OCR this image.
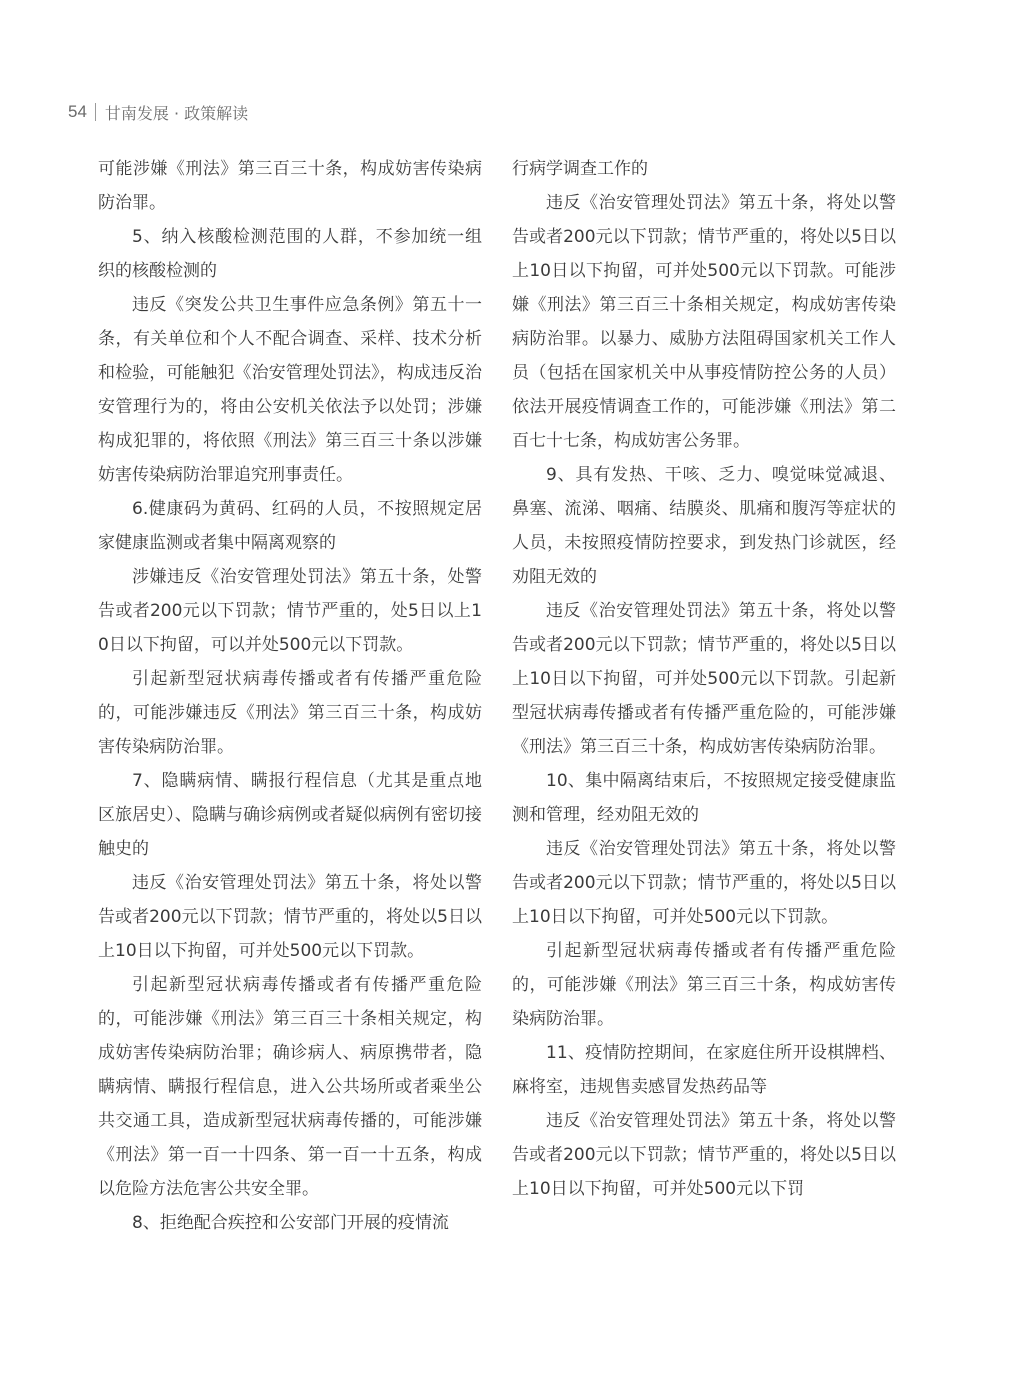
54 甘南发展 · 政策解读

可能涉嫌《刑法》第三百三十条，构成妨害传染病防治罪。

5、纳入核酸检测范围的人群，不参加统一组织的核酸检测的

违反《突发公共卫生事件应急条例》第五十一条，有关单位和个人不配合调查、采样、技术分析和检验，可能触犯《治安管理处罚法》，构成违反治安管理行为的，将由公安机关依法予以处罚；涉嫌构成犯罪的，将依照《刑法》第三百三十条以涉嫌妨害传染病防治罪追究刑事责任。

6.健康码为黄码、红码的人员，不按照规定居家健康监测或者集中隔离观察的

涉嫌违反《治安管理处罚法》第五十条，处警告或者200元以下罚款；情节严重的，处5日以上10日以下拘留，可以并处500元以下罚款。

引起新型冠状病毒传播或者有传播严重危险的，可能涉嫌违反《刑法》第三百三十条，构成妨害传染病防治罪。

7、隐瞒病情、瞒报行程信息（尤其是重点地区旅居史）、隐瞒与确诊病例或者疑似病例有密切接触史的

违反《治安管理处罚法》第五十条，将处以警告或者200元以下罚款；情节严重的，将处以5日以上10日以下拘留，可并处500元以下罚款。

引起新型冠状病毒传播或者有传播严重危险的，可能涉嫌《刑法》第三百三十条相关规定，构成妨害传染病防治罪；确诊病人、病原携带者，隐瞒病情、瞒报行程信息，进入公共场所或者乘坐公共交通工具，造成新型冠状病毒传播的，可能涉嫌《刑法》第一百一十四条、第一百一十五条，构成以危险方法危害公共安全罪。

8、拒绝配合疾控和公安部门开展的疫情流

行病学调查工作的

违反《治安管理处罚法》第五十条，将处以警告或者200元以下罚款；情节严重的，将处以5日以上10日以下拘留，可并处500元以下罚款。可能涉嫌《刑法》第三百三十条相关规定，构成妨害传染病防治罪。以暴力、威胁方法阻碍国家机关工作人员（包括在国家机关中从事疫情防控公务的人员）依法开展疫情调查工作的，可能涉嫌《刑法》第二百七十七条，构成妨害公务罪。

9、具有发热、干咳、乏力、嗅觉味觉减退、鼻塞、流涕、咽痛、结膜炎、肌痛和腹泻等症状的人员，未按照疫情防控要求，到发热门诊就医，经劝阻无效的

违反《治安管理处罚法》第五十条，将处以警告或者200元以下罚款；情节严重的，将处以5日以上10日以下拘留，可并处500元以下罚款。引起新型冠状病毒传播或者有传播严重危险的，可能涉嫌《刑法》第三百三十条，构成妨害传染病防治罪。

10、集中隔离结束后，不按照规定接受健康监测和管理，经劝阻无效的

违反《治安管理处罚法》第五十条，将处以警告或者200元以下罚款；情节严重的，将处以5日以上10日以下拘留，可并处500元以下罚款。

引起新型冠状病毒传播或者有传播严重危险的，可能涉嫌《刑法》第三百三十条，构成妨害传染病防治罪。

11、疫情防控期间，在家庭住所开设棋牌档、麻将室，违规售卖感冒发热药品等

违反《治安管理处罚法》第五十条，将处以警告或者200元以下罚款；情节严重的，将处以5日以上10日以下拘留，可并处500元以下罚
